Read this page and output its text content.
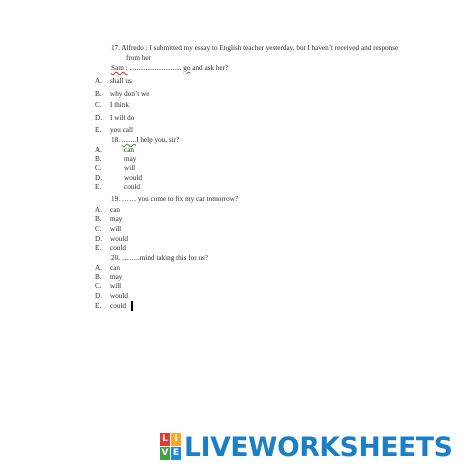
17. Alfredo : I submitted my essay to English teacher yesterday, but I haven’t received and response
from her
Sam : ............................. go and ask her?
A. shall us
B. why don’t we
C. I think
D. I will do
E. you call
18. ........I help you, sir?
A.	can
B.	may
C.	will
D.	would
E.	could
19. …… you come to fix my car tomorrow?
A. can
B. may
C. will
D. would
E. could
20. ……..mind taking this for us?
A. can
B. may
C. will
D. would
E. could
L I
V E LIVEWORKSHEETS
